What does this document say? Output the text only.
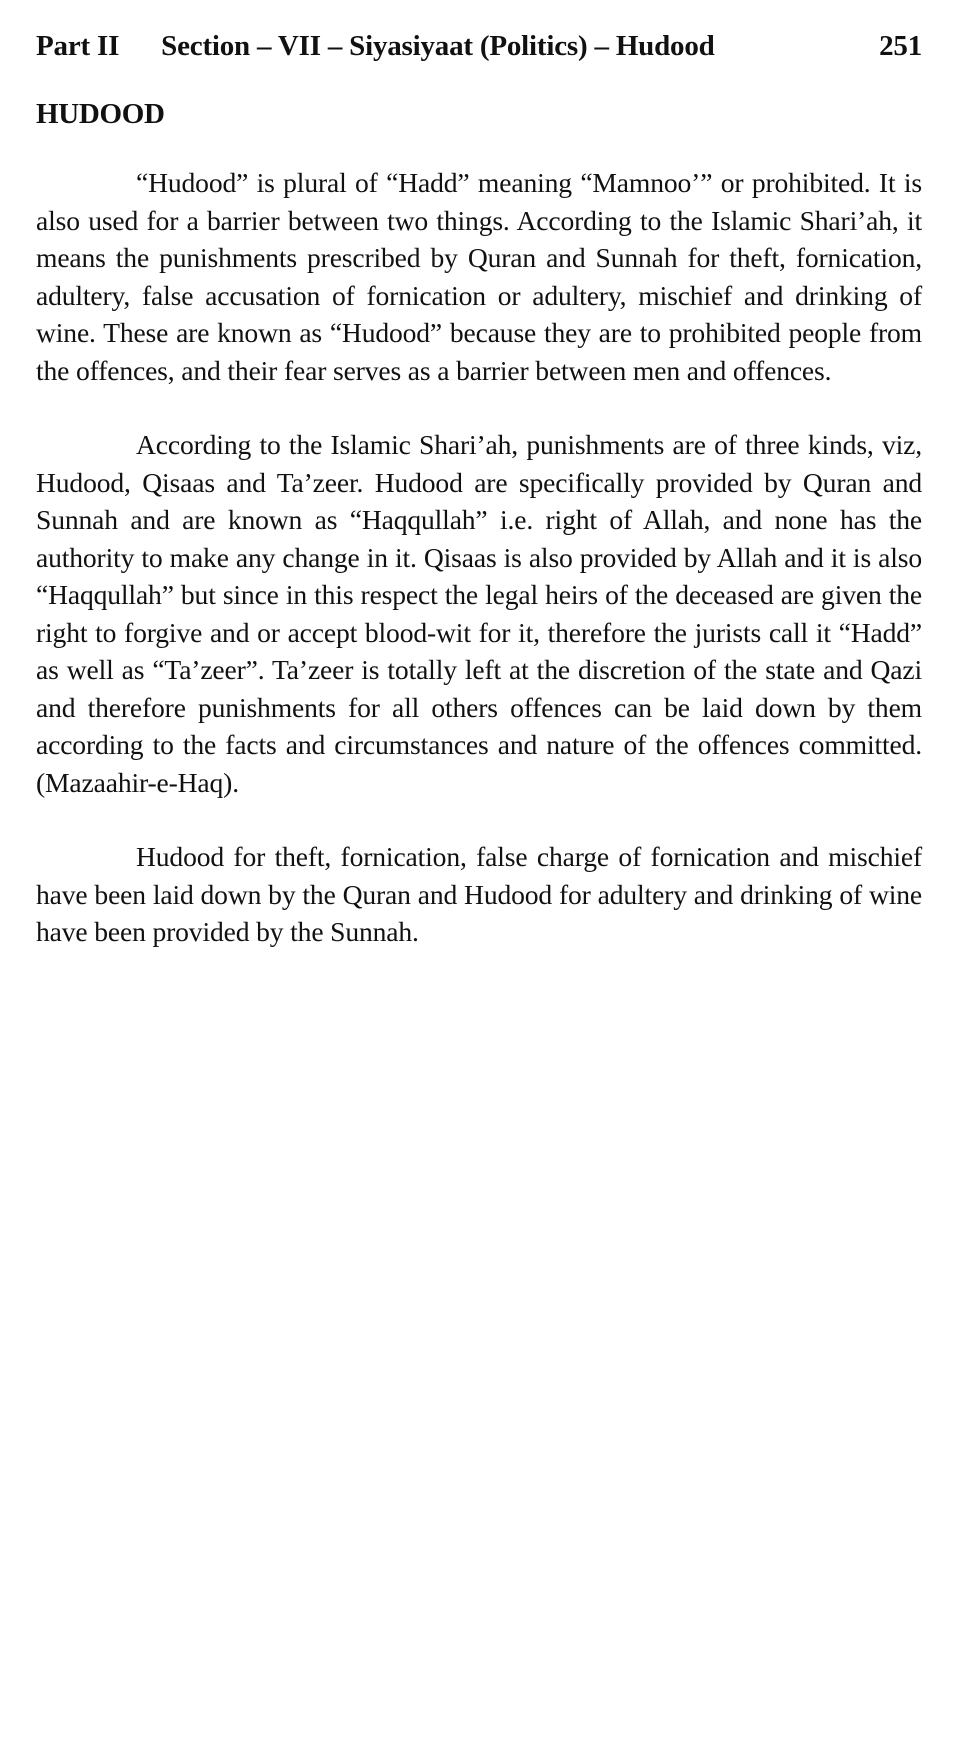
Part II Section – VII – Siyasiyaat (Politics) – Hudood	251
HUDOOD

“Hudood” is plural of “Hadd” meaning “Mamnoo’” or prohibited. It is also used for a barrier between two things. According to the Islamic Shari’ah, it means the punishments prescribed by Quran and Sunnah for theft, fornication, adultery, false accusation of fornication or adultery, mischief and drinking of wine. These are known as “Hudood” because they are to prohibited people from the offences, and their fear serves as a barrier between men and offences.

According to the Islamic Shari’ah, punishments are of three kinds, viz, Hudood, Qisaas and Ta’zeer. Hudood are specifically provided by Quran and Sunnah and are known as “Haqqullah” i.e. right of Allah, and none has the authority to make any change in it. Qisaas is also provided by Allah and it is also “Haqqullah” but since in this respect the legal heirs of the deceased are given the right to forgive and or accept blood-wit for it, therefore the jurists call it “Hadd” as well as “Ta’zeer”. Ta’zeer is totally left at the discretion of the state and Qazi and therefore punishments for all others offences can be laid down by them according to the facts and circumstances and nature of the offences committed. (Mazaahir-e-Haq).

Hudood for theft, fornication, false charge of fornication and mischief have been laid down by the Quran and Hudood for adultery and drinking of wine have been provided by the Sunnah.
